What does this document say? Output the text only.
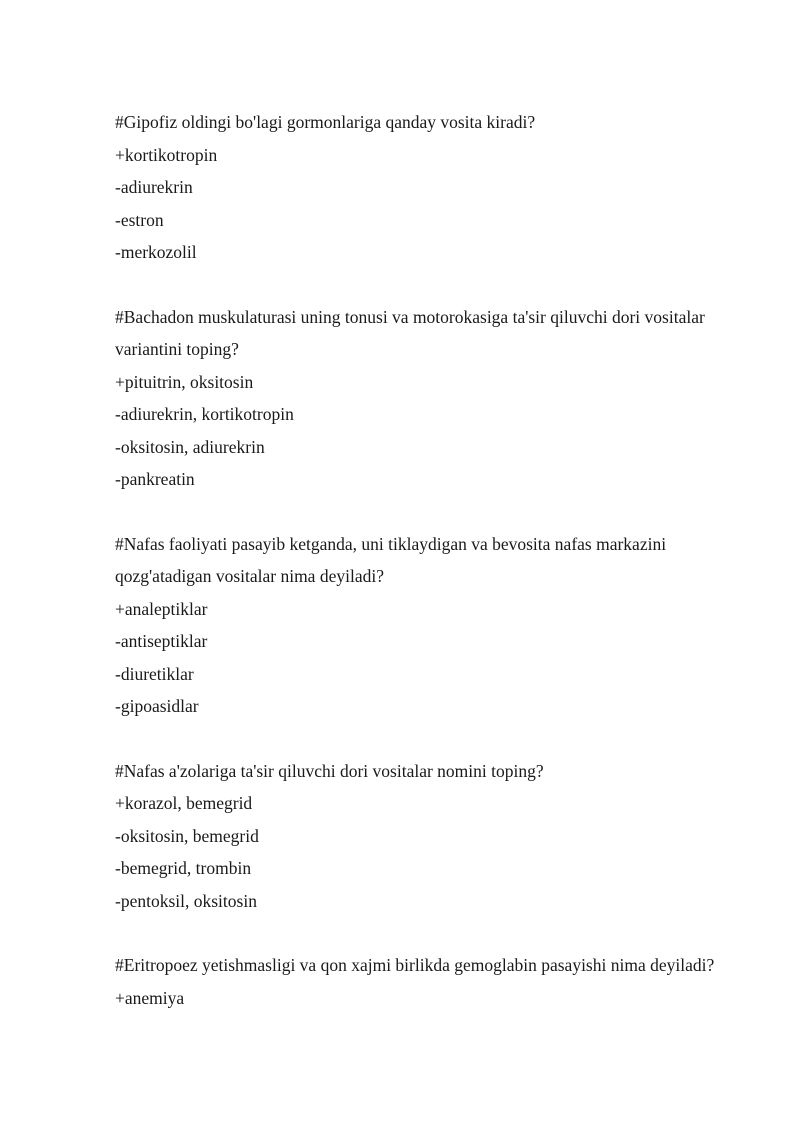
#Gipofiz oldingi bo'lagi gormonlariga qanday vosita kiradi?

+kortikotropin
-adiurekrin
-estron
-merkozolil

#Bachadon muskulaturasi uning tonusi va motorokasiga ta'sir qiluvchi dori vositalar variantini toping?

+pituitrin, oksitosin
-adiurekrin, kortikotropin
-oksitosin, adiurekrin
-pankreatin

#Nafas faoliyati pasayib ketganda, uni tiklaydigan va bevosita nafas markazini qozg'atadigan vositalar nima deyiladi?

+analeptiklar
-antiseptiklar
-diuretiklar
-gipoasidlar

#Nafas a'zolariga ta'sir qiluvchi dori vositalar nomini toping?

+korazol, bemegrid
-oksitosin, bemegrid
-bemegrid, trombin
-pentoksil, oksitosin

#Eritropoez yetishmasligi va qon xajmi birlikda gemoglabin pasayishi nima deyiladi?

+anemiya
